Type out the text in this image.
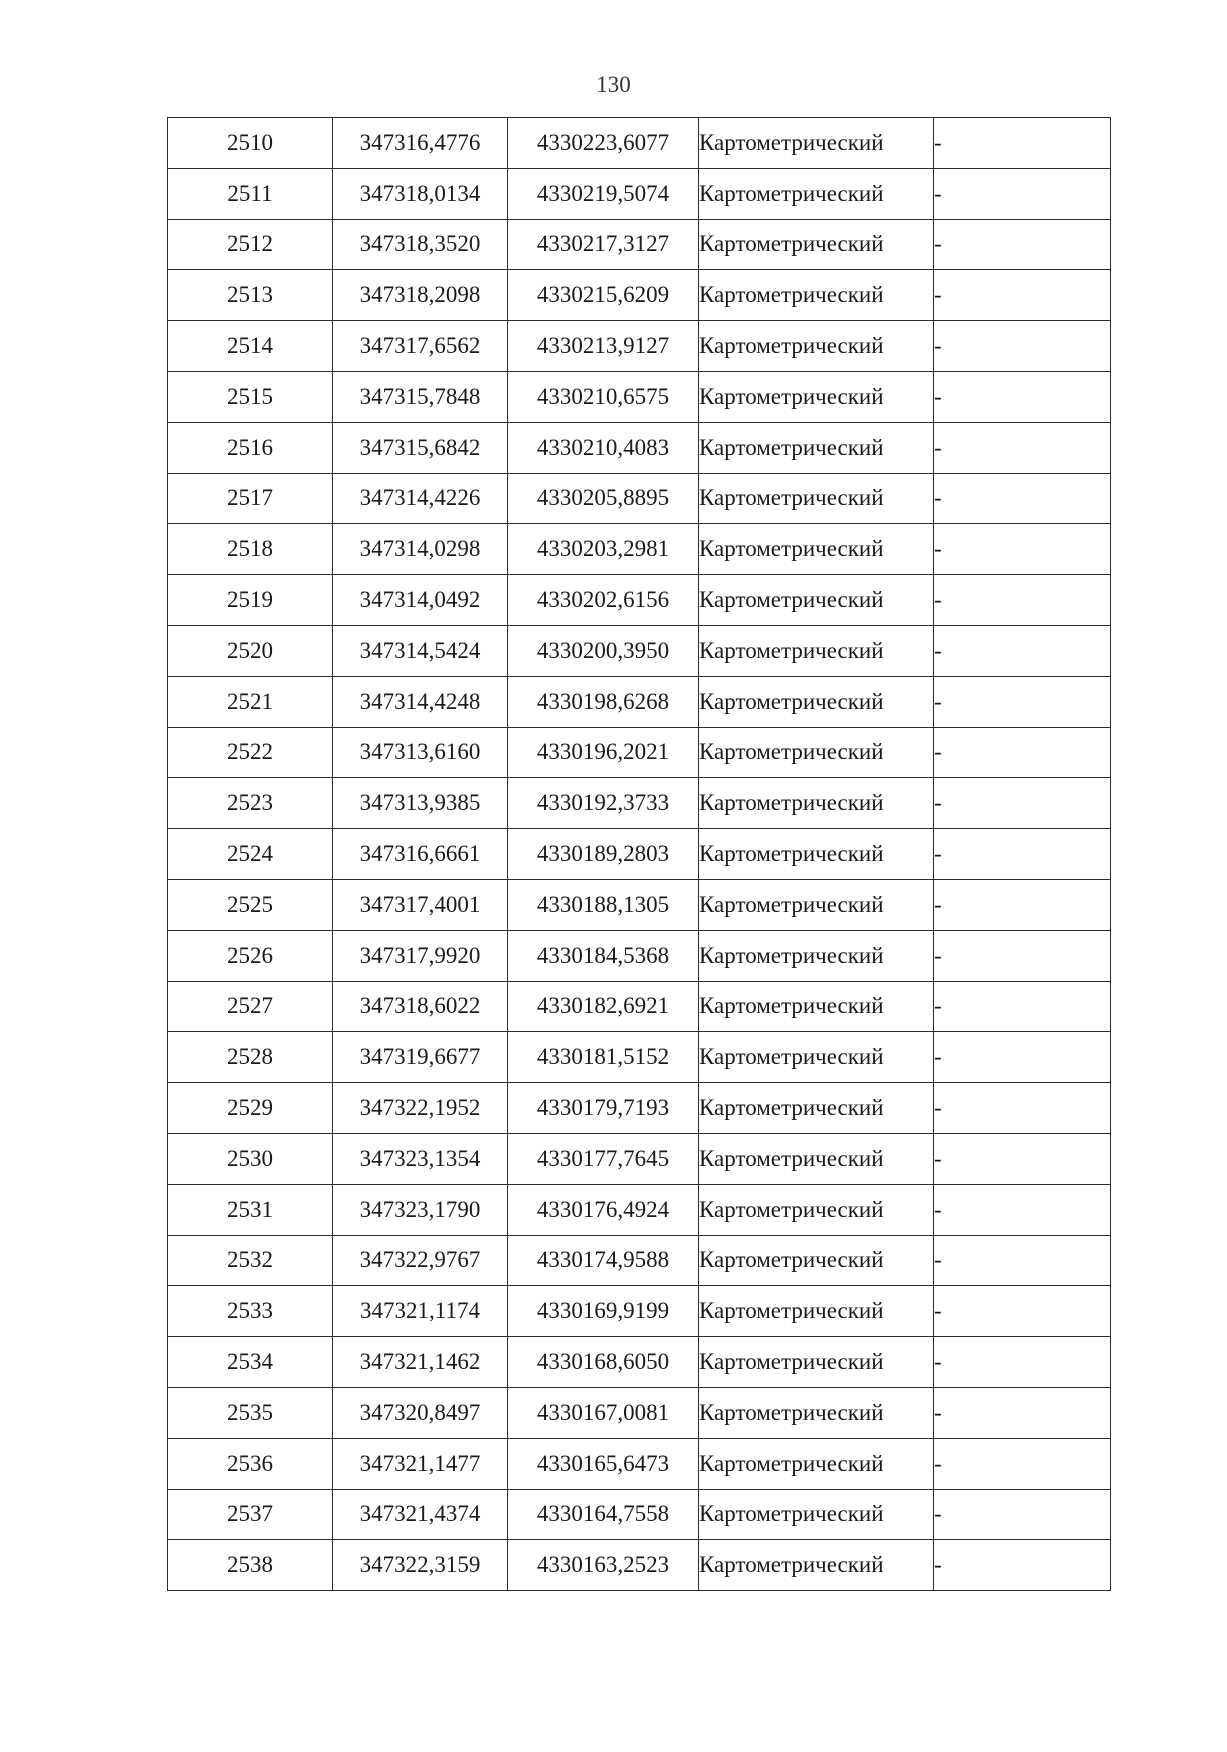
130
2510	347316,4776	4330223,6077	Картометрический	-
2511	347318,0134	4330219,5074	Картометрический	-
2512	347318,3520	4330217,3127	Картометрический	-
2513	347318,2098	4330215,6209	Картометрический	-
2514	347317,6562	4330213,9127	Картометрический	-
2515	347315,7848	4330210,6575	Картометрический	-
2516	347315,6842	4330210,4083	Картометрический	-
2517	347314,4226	4330205,8895	Картометрический	-
2518	347314,0298	4330203,2981	Картометрический	-
2519	347314,0492	4330202,6156	Картометрический	-
2520	347314,5424	4330200,3950	Картометрический	-
2521	347314,4248	4330198,6268	Картометрический	-
2522	347313,6160	4330196,2021	Картометрический	-
2523	347313,9385	4330192,3733	Картометрический	-
2524	347316,6661	4330189,2803	Картометрический	-
2525	347317,4001	4330188,1305	Картометрический	-
2526	347317,9920	4330184,5368	Картометрический	-
2527	347318,6022	4330182,6921	Картометрический	-
2528	347319,6677	4330181,5152	Картометрический	-
2529	347322,1952	4330179,7193	Картометрический	-
2530	347323,1354	4330177,7645	Картометрический	-
2531	347323,1790	4330176,4924	Картометрический	-
2532	347322,9767	4330174,9588	Картометрический	-
2533	347321,1174	4330169,9199	Картометрический	-
2534	347321,1462	4330168,6050	Картометрический	-
2535	347320,8497	4330167,0081	Картометрический	-
2536	347321,1477	4330165,6473	Картометрический	-
2537	347321,4374	4330164,7558	Картометрический	-
2538	347322,3159	4330163,2523	Картометрический	-
